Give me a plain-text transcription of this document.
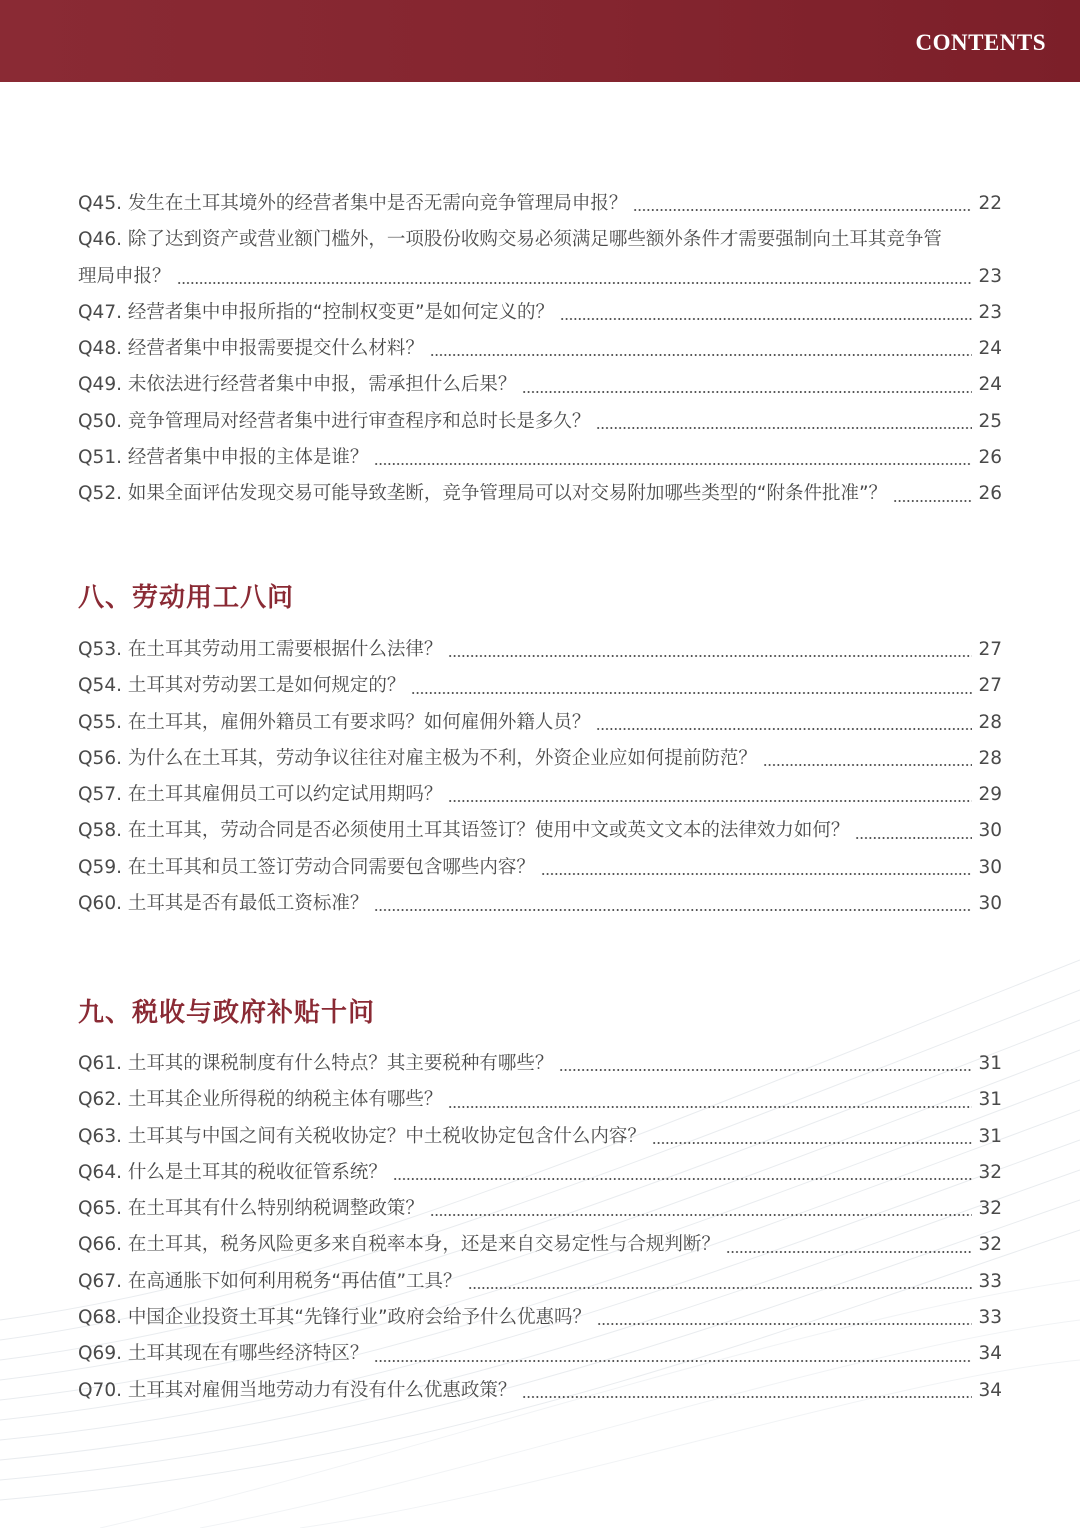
CONTENTS
Q45. 发生在土耳其境外的经营者集中是否无需向竞争管理局申报？	22
Q46. 除了达到资产或营业额门槛外，一项股份收购交易必须满足哪些额外条件才需要强制向土耳其竞争管
理局申报？	23
Q47. 经营者集中申报所指的“控制权变更”是如何定义的？	23
Q48. 经营者集中申报需要提交什么材料？	24
Q49. 未依法进行经营者集中申报，需承担什么后果？	24
Q50. 竞争管理局对经营者集中进行审查程序和总时长是多久？	25
Q51. 经营者集中申报的主体是谁？	26
Q52. 如果全面评估发现交易可能导致垄断，竞争管理局可以对交易附加哪些类型的“附条件批准”？	26
八、劳动用工八问
Q53. 在土耳其劳动用工需要根据什么法律？	27
Q54. 土耳其对劳动罢工是如何规定的？	27
Q55. 在土耳其，雇佣外籍员工有要求吗？如何雇佣外籍人员？	28
Q56. 为什么在土耳其，劳动争议往往对雇主极为不利，外资企业应如何提前防范？	28
Q57. 在土耳其雇佣员工可以约定试用期吗？	29
Q58. 在土耳其，劳动合同是否必须使用土耳其语签订？使用中文或英文文本的法律效力如何？	30
Q59. 在土耳其和员工签订劳动合同需要包含哪些内容？	30
Q60. 土耳其是否有最低工资标准？	30
九、税收与政府补贴十问
Q61. 土耳其的课税制度有什么特点？其主要税种有哪些？	31
Q62. 土耳其企业所得税的纳税主体有哪些？	31
Q63. 土耳其与中国之间有关税收协定？中土税收协定包含什么内容？	31
Q64. 什么是土耳其的税收征管系统？	32
Q65. 在土耳其有什么特别纳税调整政策？	32
Q66. 在土耳其，税务风险更多来自税率本身，还是来自交易定性与合规判断？	32
Q67. 在高通胀下如何利用税务“再估值”工具？	33
Q68. 中国企业投资土耳其“先锋行业”政府会给予什么优惠吗？	33
Q69. 土耳其现在有哪些经济特区？	34
Q70. 土耳其对雇佣当地劳动力有没有什么优惠政策？	34
